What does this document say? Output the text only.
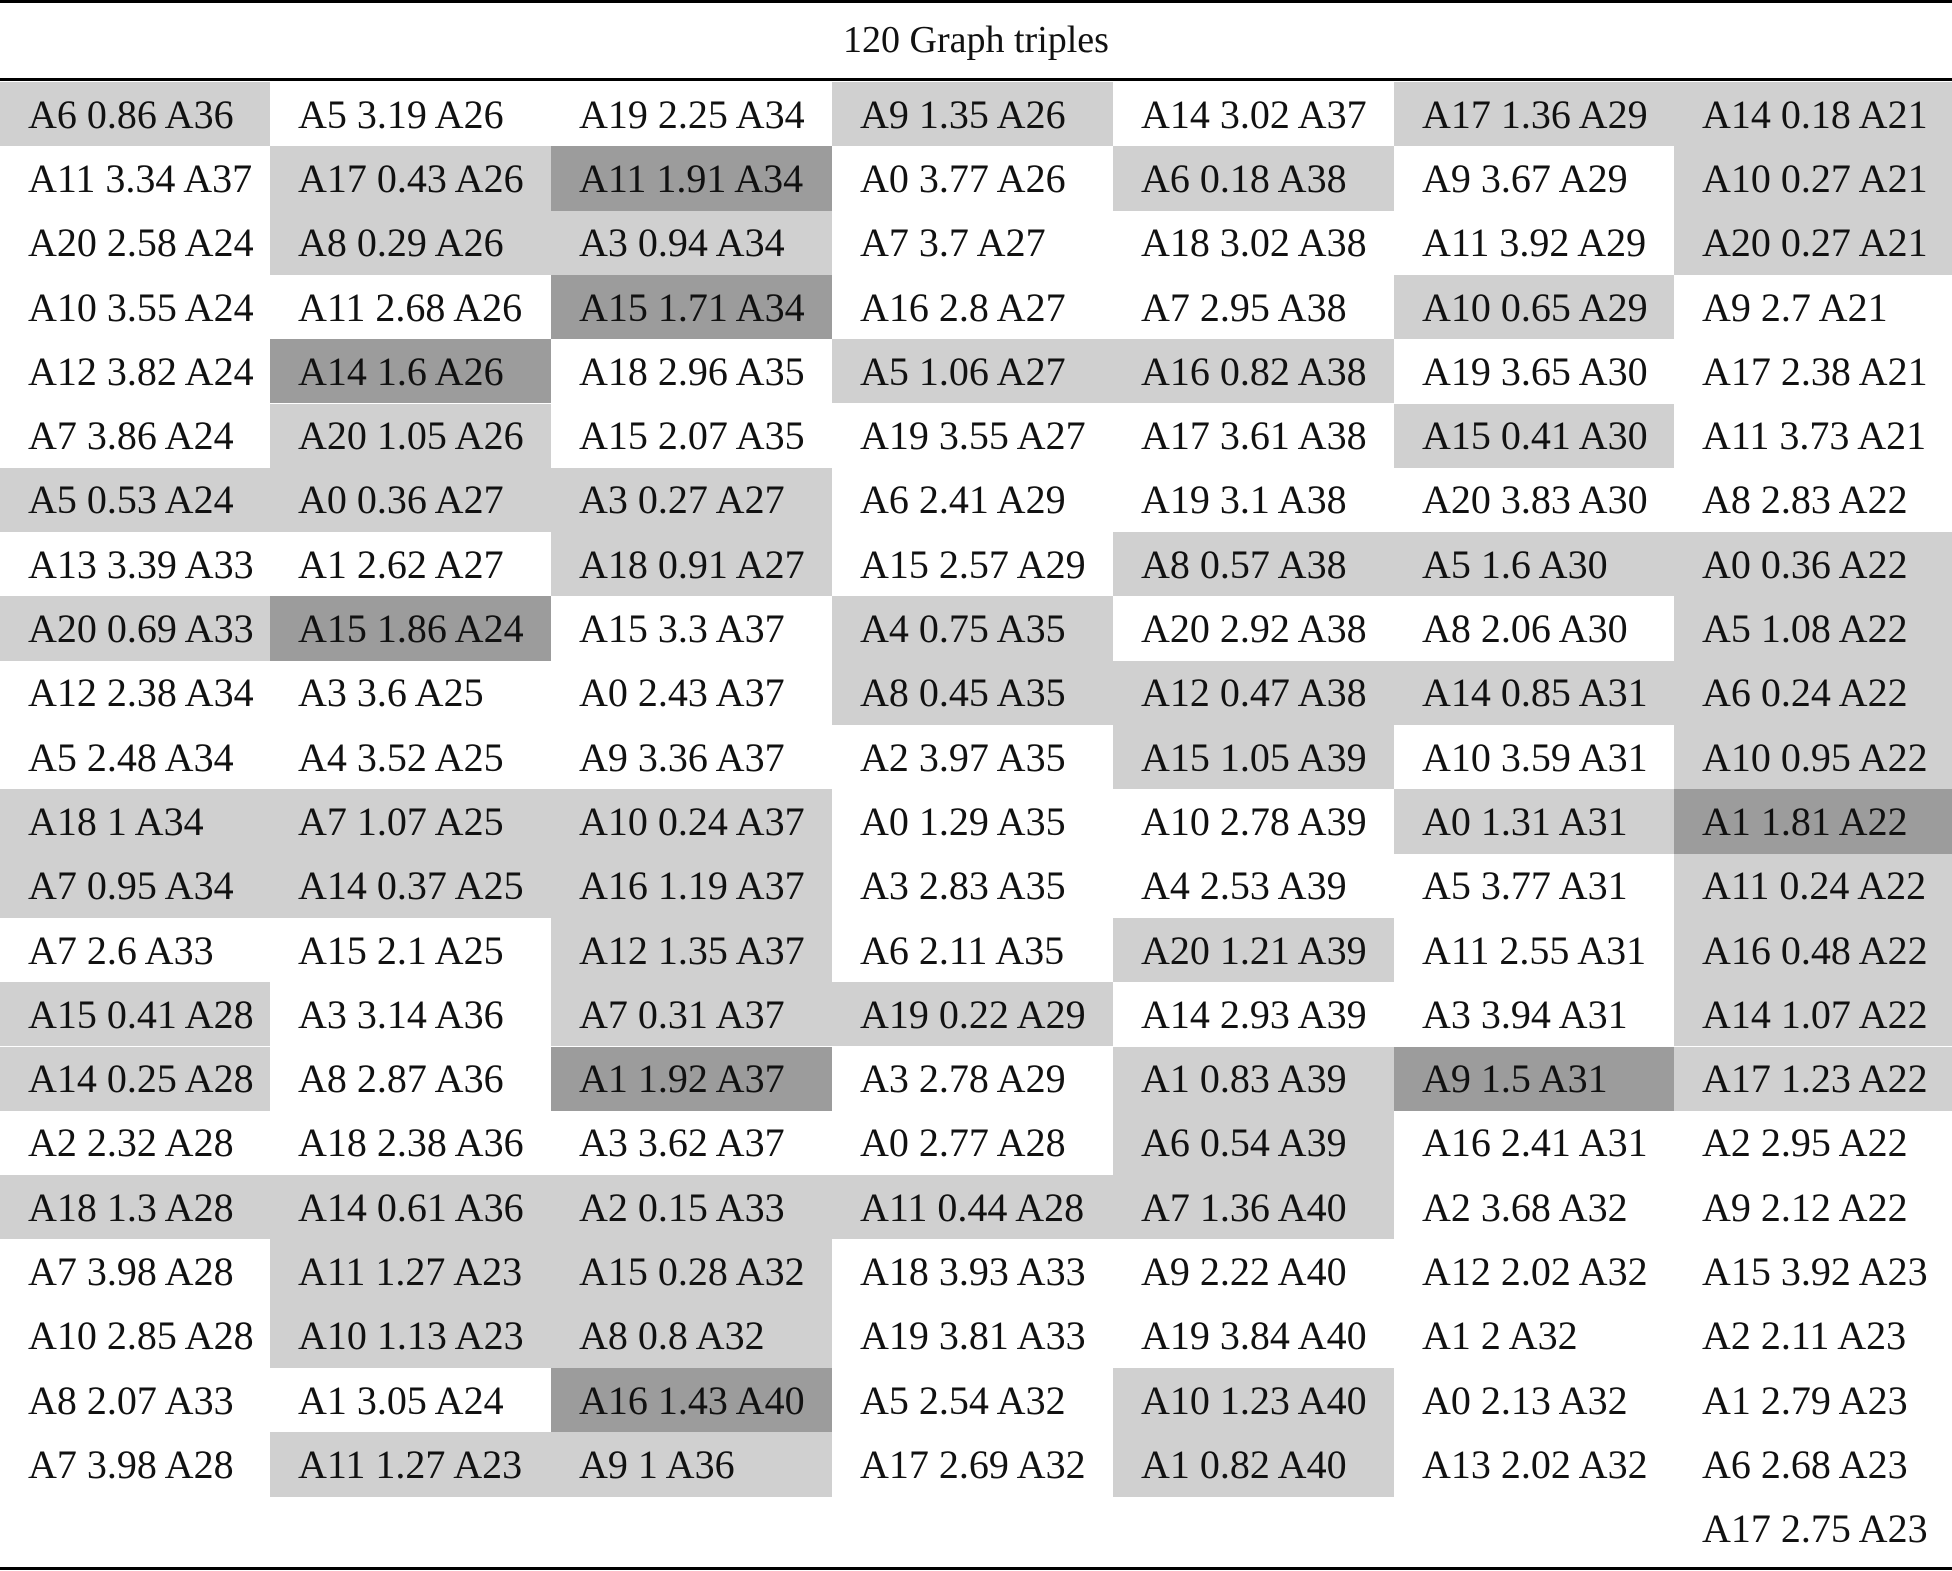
120 Graph triples
A6 0.86 A36
A11 3.34 A37
A20 2.58 A24
A10 3.55 A24
A12 3.82 A24
A7 3.86 A24
A5 0.53 A24
A13 3.39 A33
A20 0.69 A33
A12 2.38 A34
A5 2.48 A34
A18 1 A34
A7 0.95 A34
A7 2.6 A33
A15 0.41 A28
A14 0.25 A28
A2 2.32 A28
A18 1.3 A28
A7 3.98 A28
A10 2.85 A28
A8 2.07 A33
A7 3.98 A28
A5 3.19 A26
A17 0.43 A26
A8 0.29 A26
A11 2.68 A26
A14 1.6 A26
A20 1.05 A26
A0 0.36 A27
A1 2.62 A27
A15 1.86 A24
A3 3.6 A25
A4 3.52 A25
A7 1.07 A25
A14 0.37 A25
A15 2.1 A25
A3 3.14 A36
A8 2.87 A36
A18 2.38 A36
A14 0.61 A36
A11 1.27 A23
A10 1.13 A23
A1 3.05 A24
A11 1.27 A23
A19 2.25 A34
A11 1.91 A34
A3 0.94 A34
A15 1.71 A34
A18 2.96 A35
A15 2.07 A35
A3 0.27 A27
A18 0.91 A27
A15 3.3 A37
A0 2.43 A37
A9 3.36 A37
A10 0.24 A37
A16 1.19 A37
A12 1.35 A37
A7 0.31 A37
A1 1.92 A37
A3 3.62 A37
A2 0.15 A33
A15 0.28 A32
A8 0.8 A32
A16 1.43 A40
A9 1 A36
A9 1.35 A26
A0 3.77 A26
A7 3.7 A27
A16 2.8 A27
A5 1.06 A27
A19 3.55 A27
A6 2.41 A29
A15 2.57 A29
A4 0.75 A35
A8 0.45 A35
A2 3.97 A35
A0 1.29 A35
A3 2.83 A35
A6 2.11 A35
A19 0.22 A29
A3 2.78 A29
A0 2.77 A28
A11 0.44 A28
A18 3.93 A33
A19 3.81 A33
A5 2.54 A32
A17 2.69 A32
A14 3.02 A37
A6 0.18 A38
A18 3.02 A38
A7 2.95 A38
A16 0.82 A38
A17 3.61 A38
A19 3.1 A38
A8 0.57 A38
A20 2.92 A38
A12 0.47 A38
A15 1.05 A39
A10 2.78 A39
A4 2.53 A39
A20 1.21 A39
A14 2.93 A39
A1 0.83 A39
A6 0.54 A39
A7 1.36 A40
A9 2.22 A40
A19 3.84 A40
A10 1.23 A40
A1 0.82 A40
A17 1.36 A29
A9 3.67 A29
A11 3.92 A29
A10 0.65 A29
A19 3.65 A30
A15 0.41 A30
A20 3.83 A30
A5 1.6 A30
A8 2.06 A30
A14 0.85 A31
A10 3.59 A31
A0 1.31 A31
A5 3.77 A31
A11 2.55 A31
A3 3.94 A31
A9 1.5 A31
A16 2.41 A31
A2 3.68 A32
A12 2.02 A32
A1 2 A32
A0 2.13 A32
A13 2.02 A32
A14 0.18 A21
A10 0.27 A21
A20 0.27 A21
A9 2.7 A21
A17 2.38 A21
A11 3.73 A21
A8 2.83 A22
A0 0.36 A22
A5 1.08 A22
A6 0.24 A22
A10 0.95 A22
A1 1.81 A22
A11 0.24 A22
A16 0.48 A22
A14 1.07 A22
A17 1.23 A22
A2 2.95 A22
A9 2.12 A22
A15 3.92 A23
A2 2.11 A23
A1 2.79 A23
A6 2.68 A23
A17 2.75 A23
